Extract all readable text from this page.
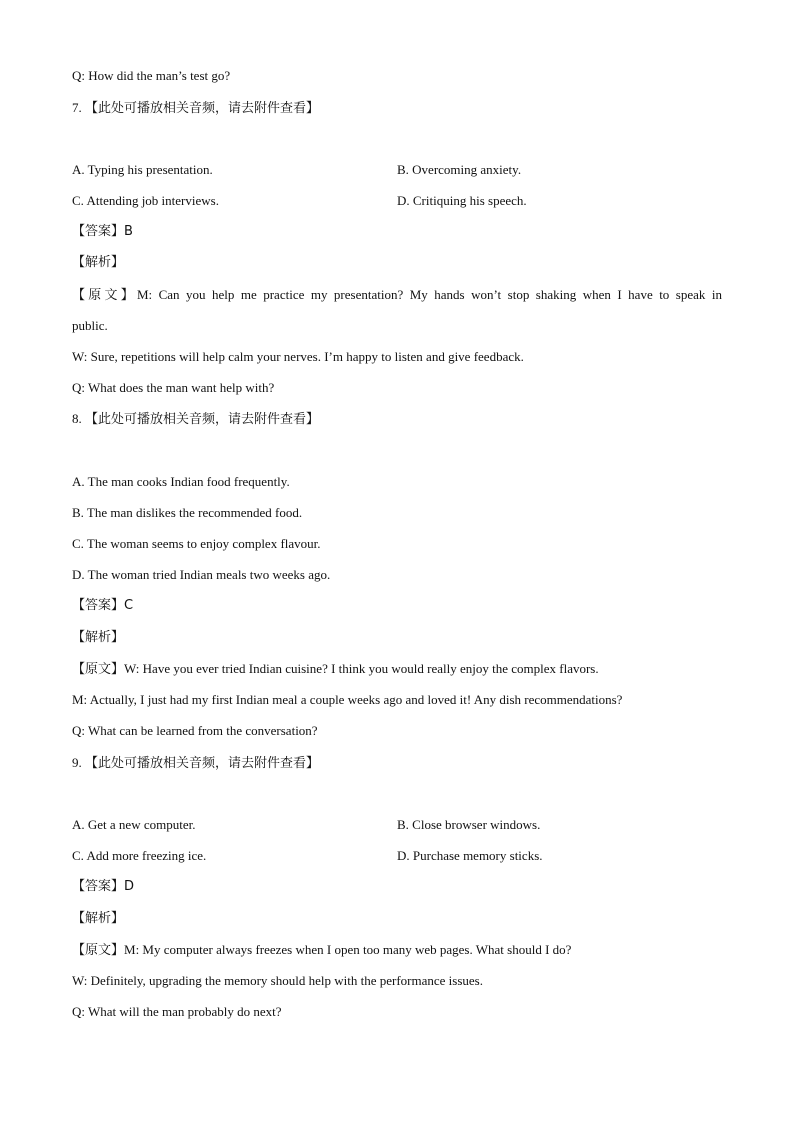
Q: How did the man’s test go?
7. 【此处可播放相关音频，请去附件查看】
A. Typing his presentation.	B. Overcoming anxiety.
C. Attending job interviews.	D. Critiquing his speech.
【答案】B
【解析】
【原文】M: Can you help me practice my presentation? My hands won’t stop shaking when I have to speak in
public.
W: Sure, repetitions will help calm your nerves. I’m happy to listen and give feedback.
Q: What does the man want help with?
8. 【此处可播放相关音频，请去附件查看】
A. The man cooks Indian food frequently.
B. The man dislikes the recommended food.
C. The woman seems to enjoy complex flavour.
D. The woman tried Indian meals two weeks ago.
【答案】C
【解析】
【原文】W: Have you ever tried Indian cuisine? I think you would really enjoy the complex flavors.
M: Actually, I just had my first Indian meal a couple weeks ago and loved it! Any dish recommendations?
Q: What can be learned from the conversation?
9. 【此处可播放相关音频，请去附件查看】
A. Get a new computer.	B. Close browser windows.
C. Add more freezing ice.	D. Purchase memory sticks.
【答案】D
【解析】
【原文】M: My computer always freezes when I open too many web pages. What should I do?
W: Definitely, upgrading the memory should help with the performance issues.
Q: What will the man probably do next?
